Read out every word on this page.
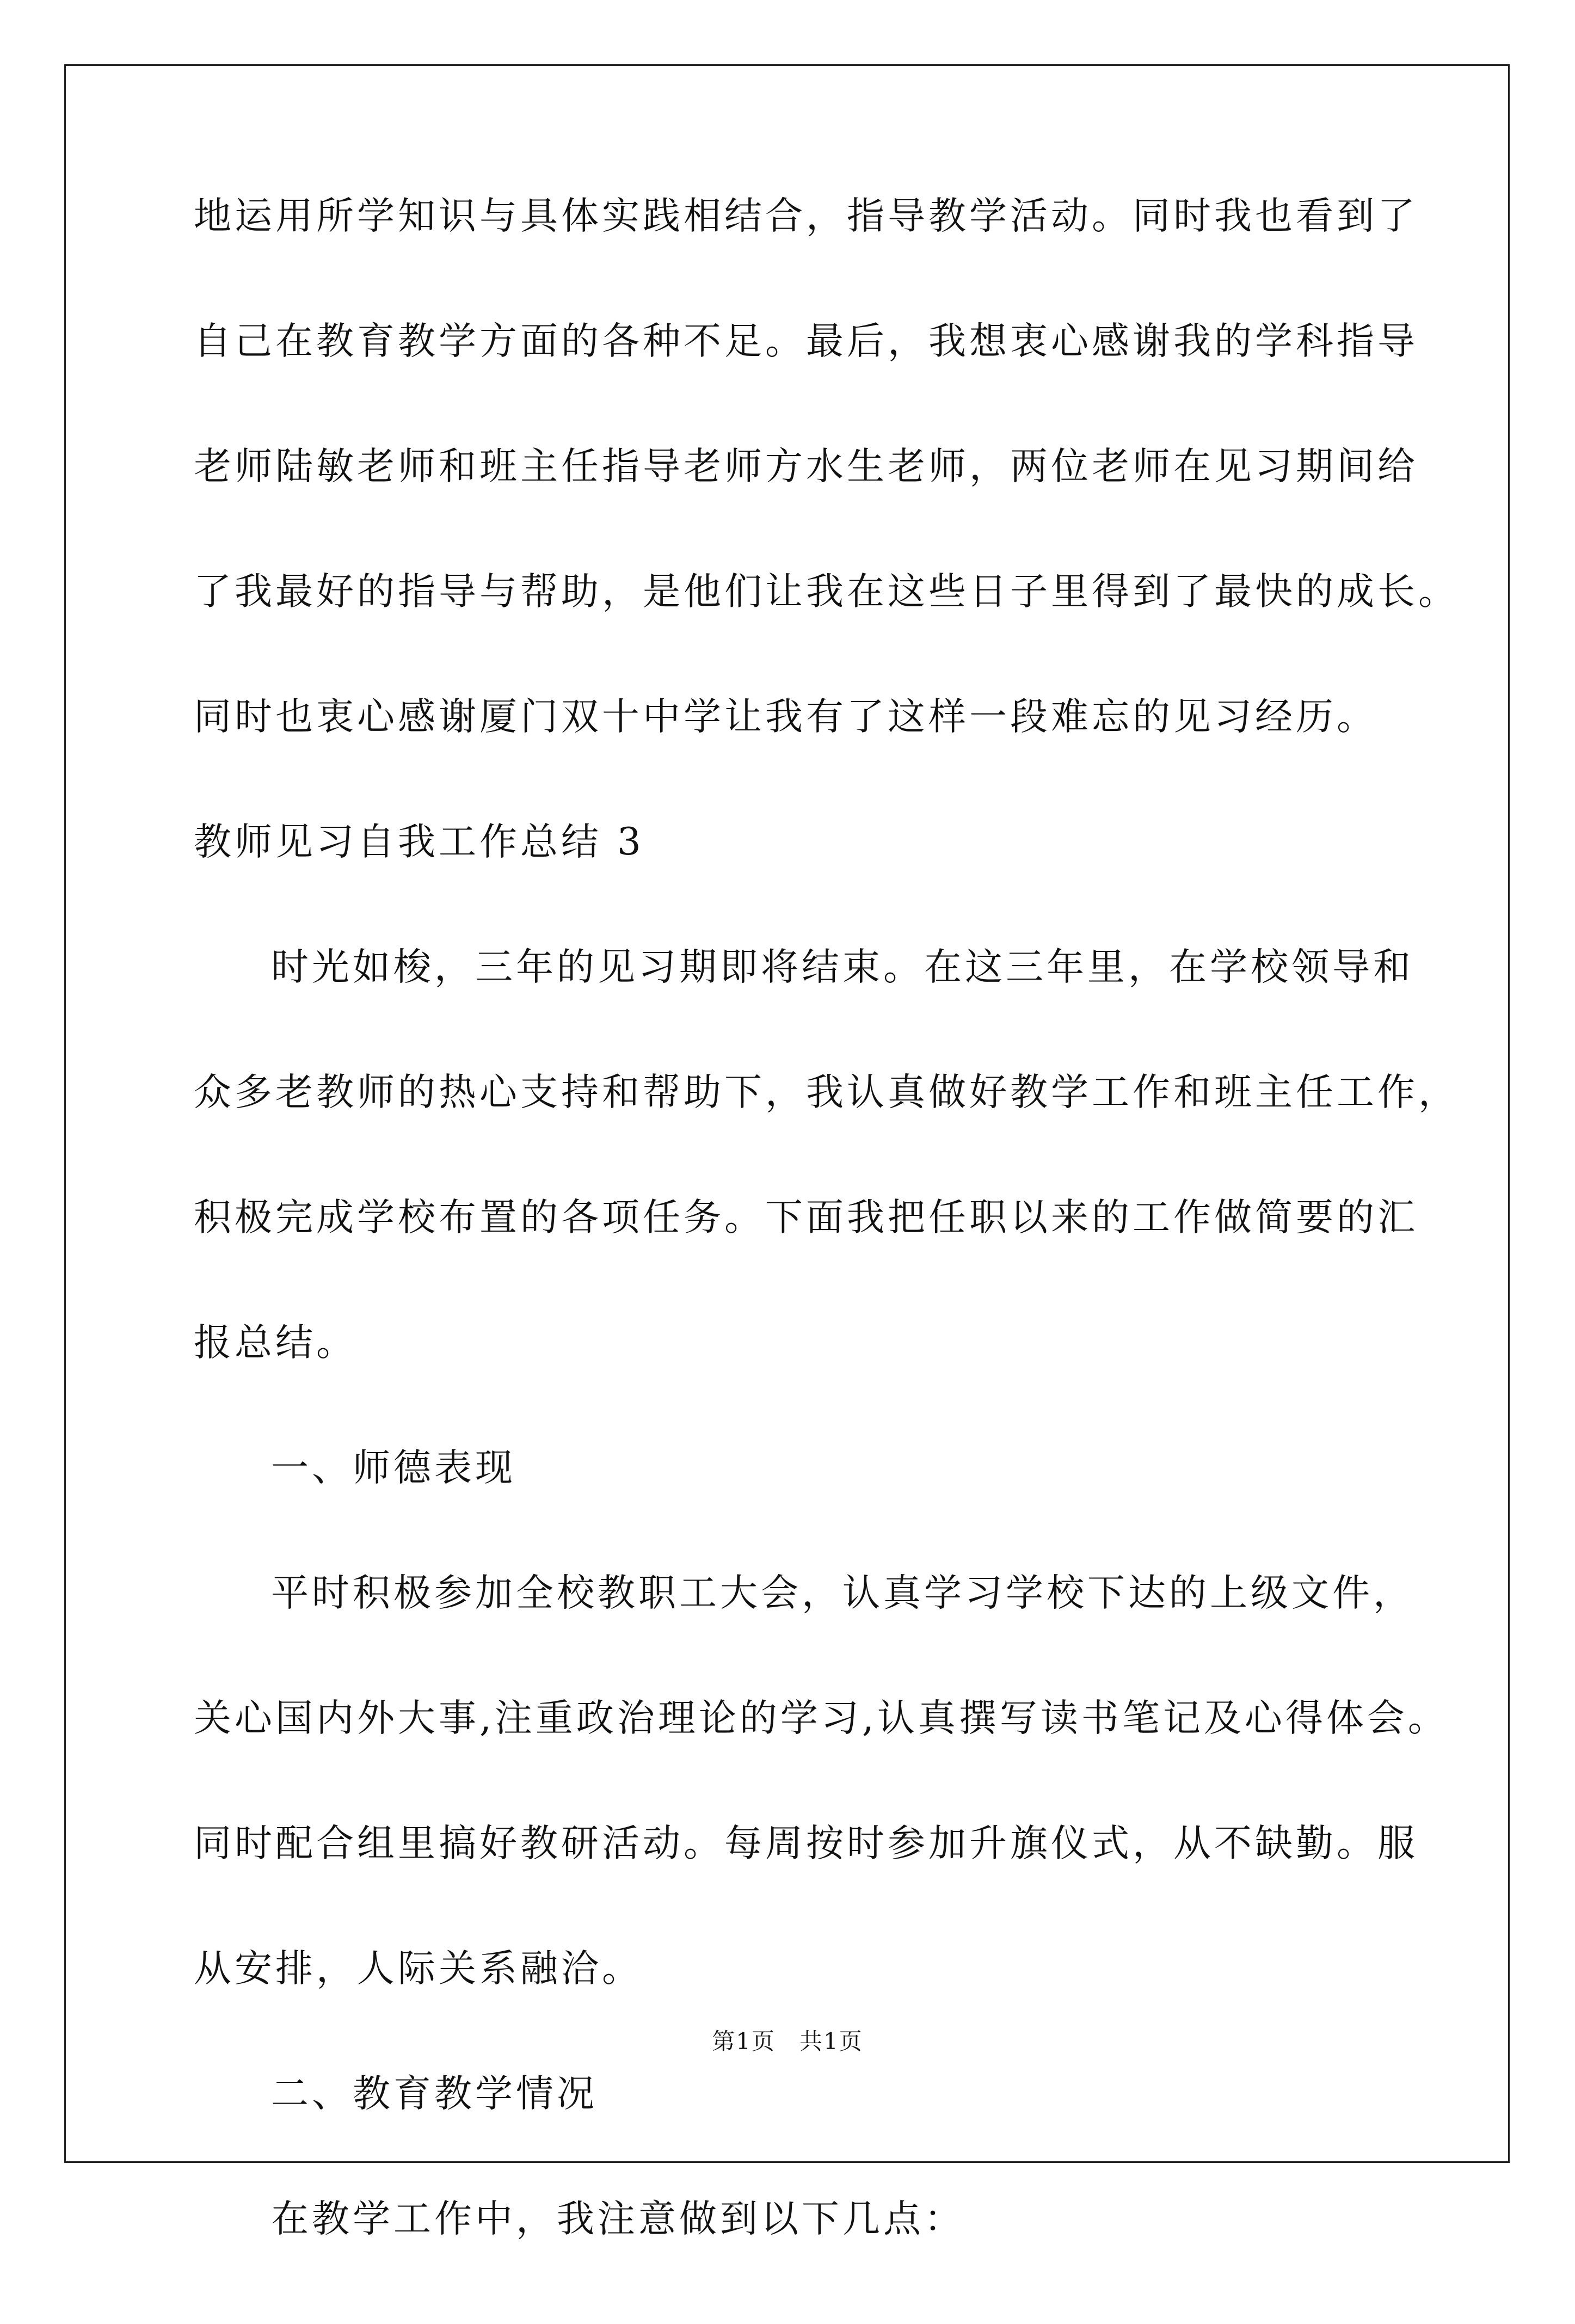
地运用所学知识与具体实践相结合，指导教学活动。同时我也看到了
自己在教育教学方面的各种不足。最后，我想衷心感谢我的学科指导
老师陆敏老师和班主任指导老师方水生老师，两位老师在见习期间给
了我最好的指导与帮助，是他们让我在这些日子里得到了最快的成长。
同时也衷心感谢厦门双十中学让我有了这样一段难忘的见习经历。
教师见习自我工作总结 3
时光如梭，三年的见习期即将结束。在这三年里，在学校领导和
众多老教师的热心支持和帮助下，我认真做好教学工作和班主任工作，
积极完成学校布置的各项任务。下面我把任职以来的工作做简要的汇
报总结。
一、师德表现
平时积极参加全校教职工大会，认真学习学校下达的上级文件，
关心国内外大事,注重政治理论的学习,认真撰写读书笔记及心得体会。
同时配合组里搞好教研活动。每周按时参加升旗仪式，从不缺勤。服
从安排，人际关系融洽。
二、教育教学情况
在教学工作中，我注意做到以下几点：
第1页　共1页
